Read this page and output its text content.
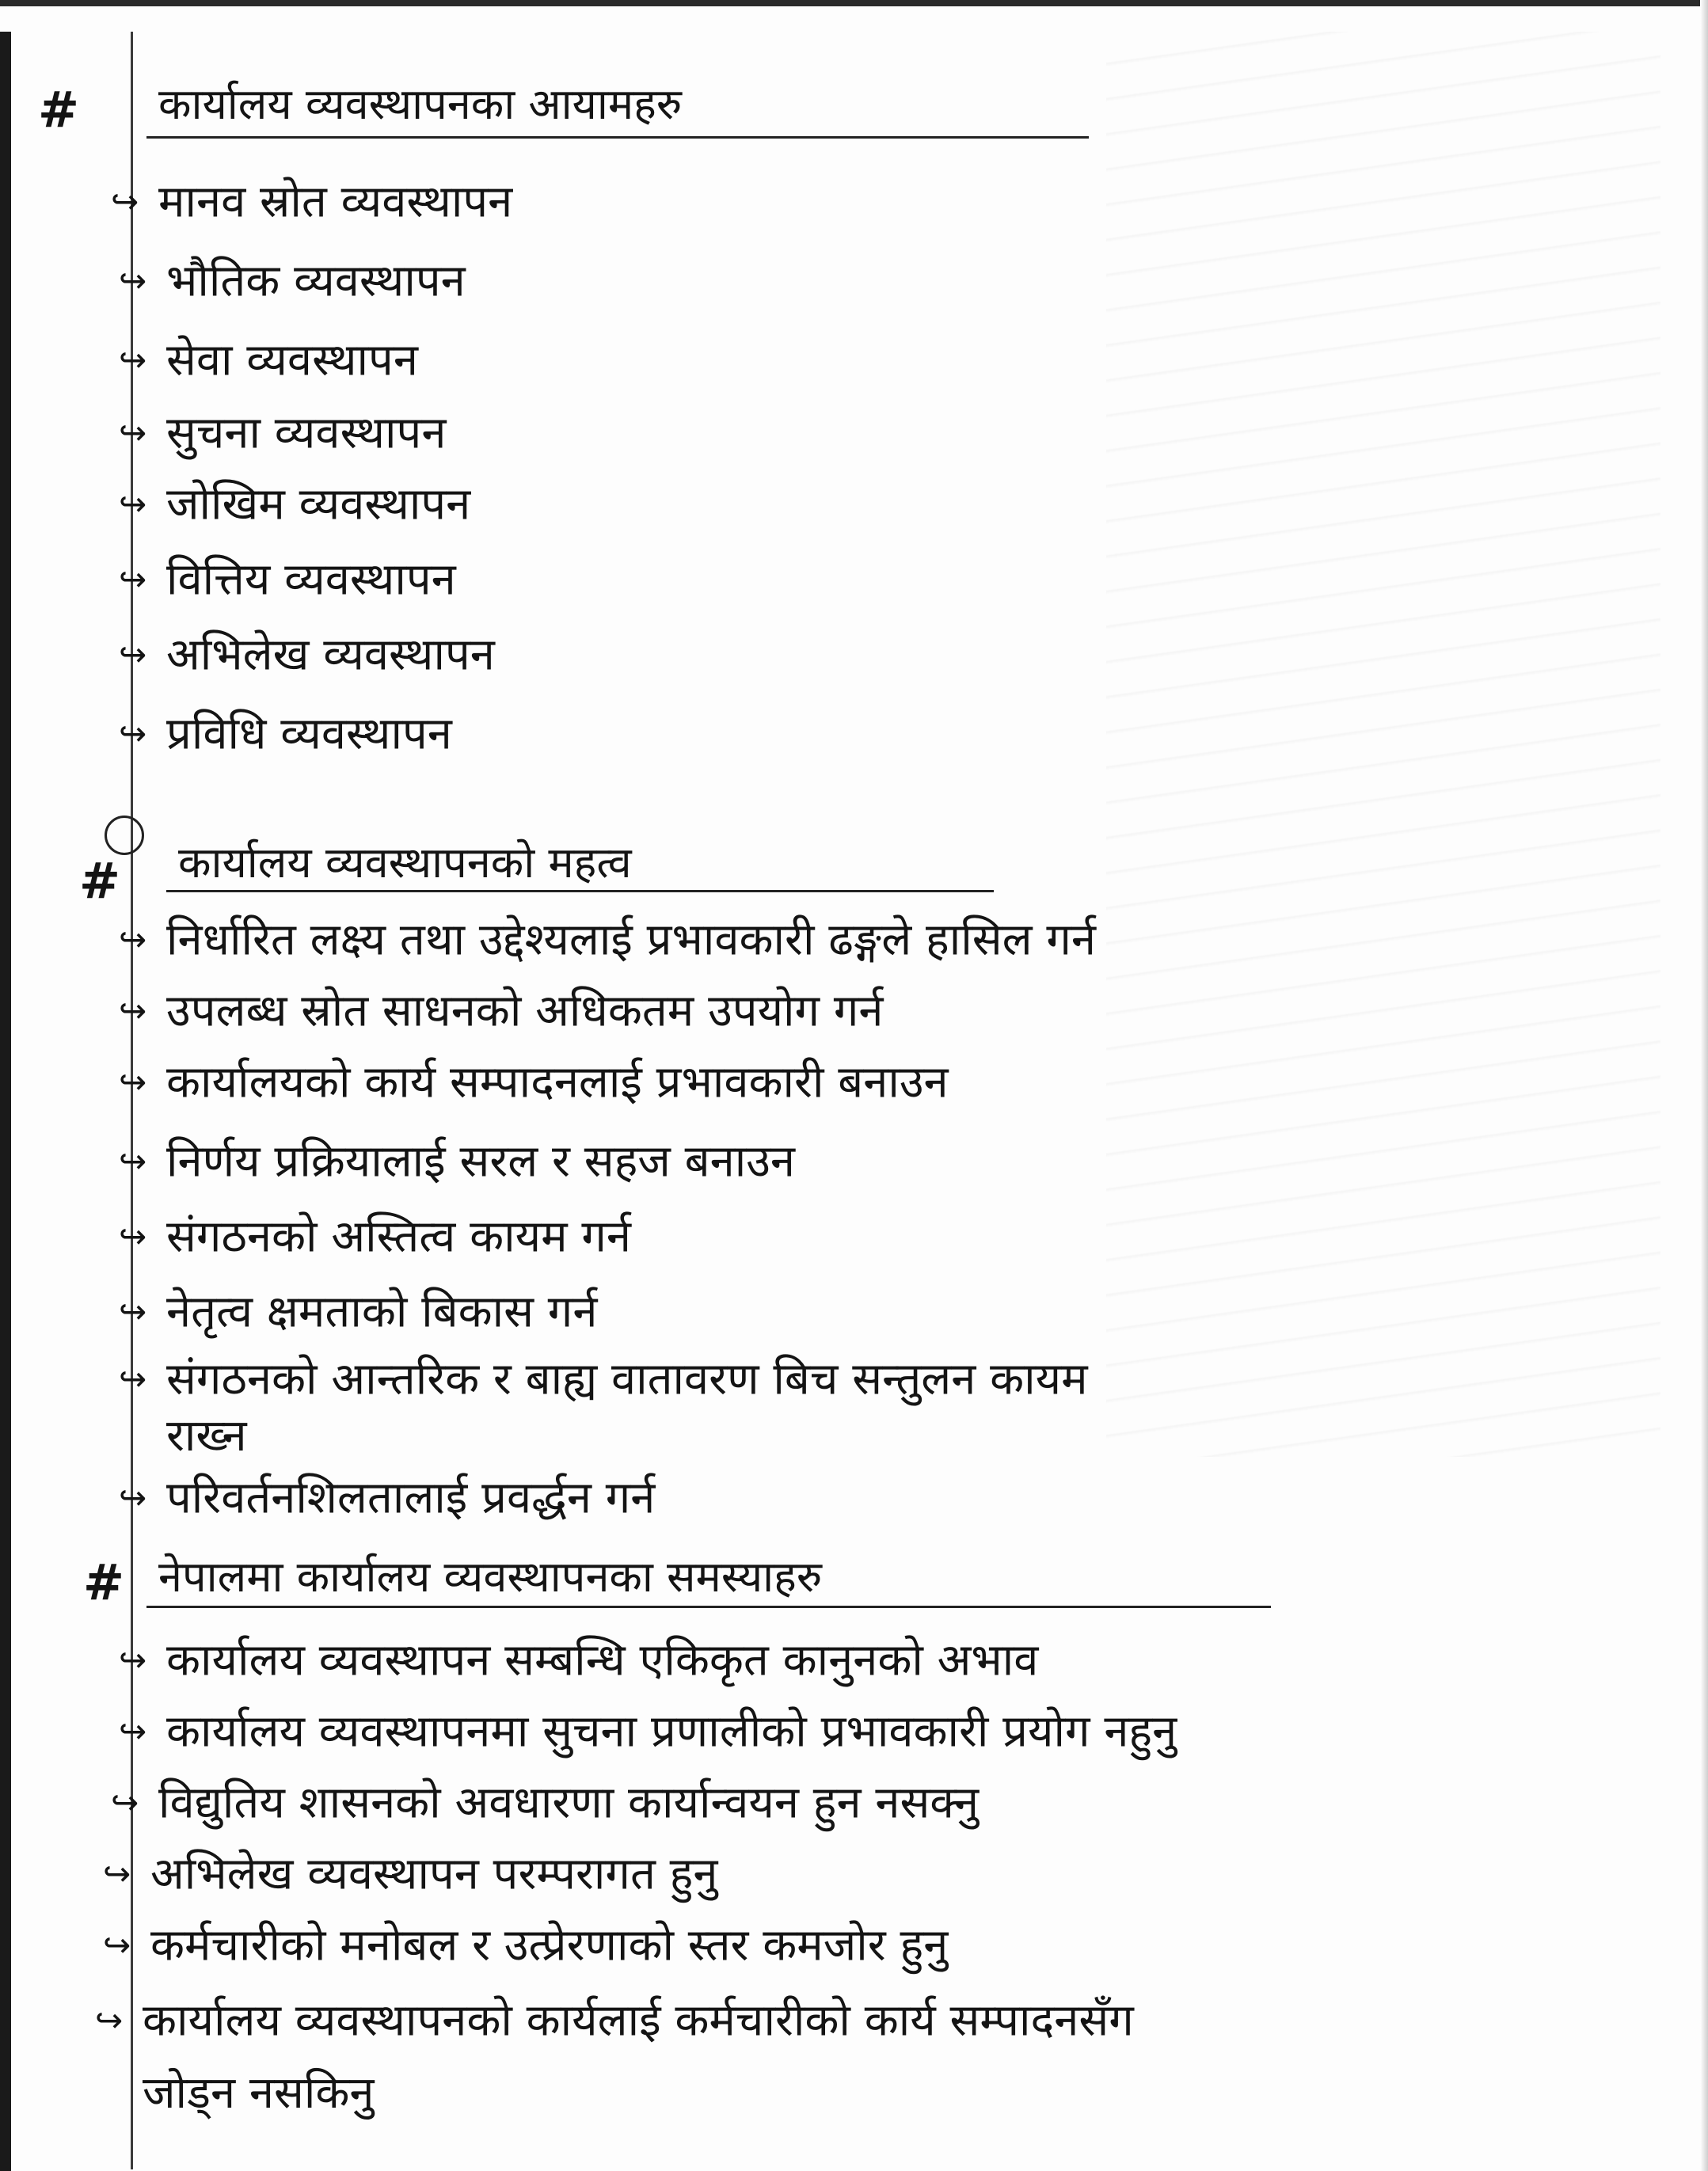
# कार्यालय व्यवस्थापनका आयामहरु
↪ मानव स्रोत व्यवस्थापन
↪ भौतिक व्यवस्थापन
↪ सेवा व्यवस्थापन
↪ सुचना व्यवस्थापन
↪ जोखिम व्यवस्थापन
↪ वित्तिय व्यवस्थापन
↪ अभिलेख व्यवस्थापन
↪ प्रविधि व्यवस्थापन
# कार्यालय व्यवस्थापनको महत्व
↪ निर्धारित लक्ष्य तथा उद्देश्यलाई प्रभावकारी ढङ्गले हासिल गर्न
↪ उपलब्ध स्रोत साधनको अधिकतम उपयोग गर्न
↪ कार्यालयको कार्य सम्पादनलाई प्रभावकारी बनाउन
↪ निर्णय प्रक्रियालाई सरल र सहज बनाउन
↪ संगठनको अस्तित्व कायम गर्न
↪ नेतृत्व क्षमताको बिकास गर्न
↪ संगठनको आन्तरिक र बाह्य वातावरण बिच सन्तुलन कायम
राख्न
↪ परिवर्तनशिलतालाई प्रवर्द्धन गर्न
# नेपालमा कार्यालय व्यवस्थापनका समस्याहरु
↪ कार्यालय व्यवस्थापन सम्बन्धि एकिकृत कानुनको अभाव
↪ कार्यालय व्यवस्थापनमा सुचना प्रणालीको प्रभावकारी प्रयोग नहुनु
↪ विद्युतिय शासनको अवधारणा कार्यान्वयन हुन नसक्नु
↪ अभिलेख व्यवस्थापन परम्परागत हुनु
↪ कर्मचारीको मनोबल र उत्प्रेरणाको स्तर कमजोर हुनु
↪ कार्यालय व्यवस्थापनको कार्यलाई कर्मचारीको कार्य सम्पादनसँग
जोड्न नसकिनु
